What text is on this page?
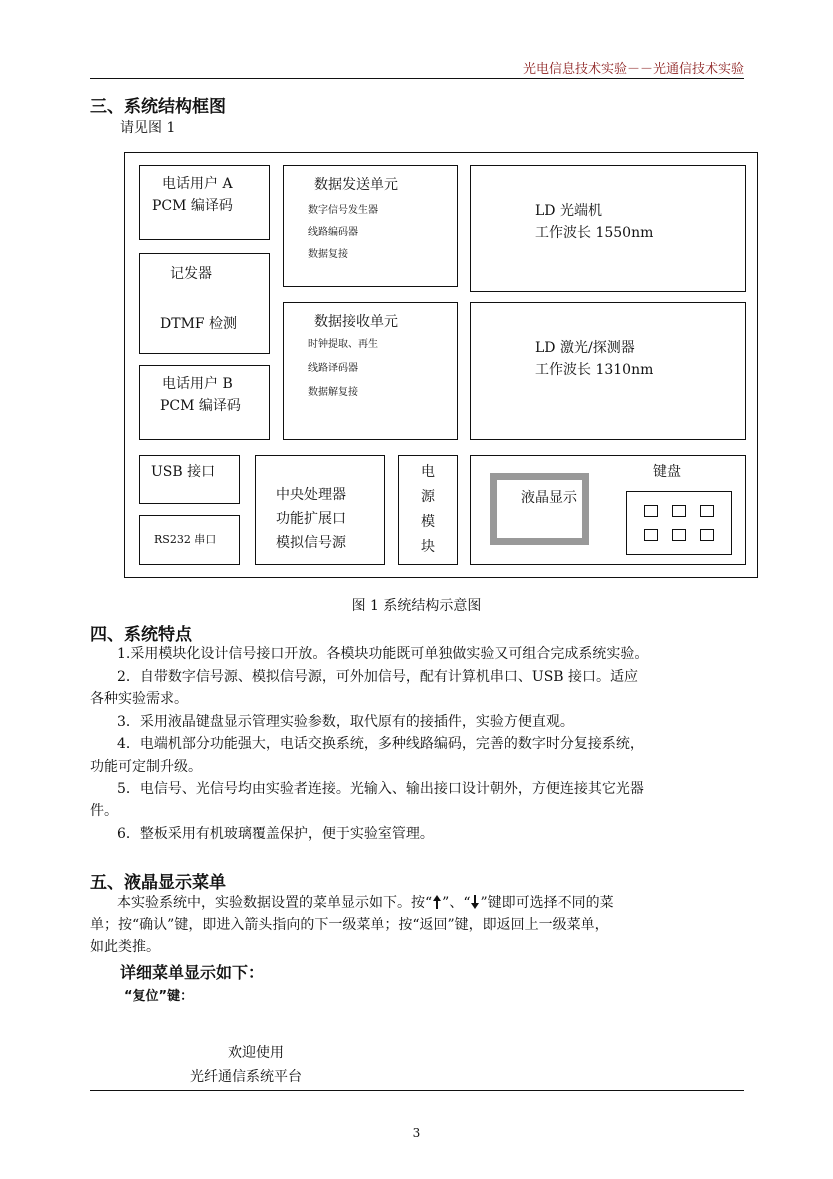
光电信息技术实验－－光通信技术实验
三、系统结构框图
请见图 1
电话用户 A
PCM 编译码
记发器
DTMF 检测
电话用户 B
PCM 编译码
数据发送单元
数字信号发生器
线路编码器
数据复接
数据接收单元
时钟提取、再生
线路译码器
数据解复接
LD 光端机
工作波长 1550nm
LD 激光/探测器
工作波长 1310nm
USB 接口
RS232 串口
中央处理器
功能扩展口
模拟信号源
电
源
模
块
液晶显示
键盘
图 1 系统结构示意图
四、系统特点
1.采用模块化设计信号接口开放。各模块功能既可单独做实验又可组合完成系统实验。
2．自带数字信号源、模拟信号源，可外加信号，配有计算机串口、USB 接口。适应
各种实验需求。
3．采用液晶键盘显示管理实验参数，取代原有的接插件，实验方便直观。
4．电端机部分功能强大，电话交换系统，多种线路编码，完善的数字时分复接系统，
功能可定制升级。
5．电信号、光信号均由实验者连接。光输入、输出接口设计朝外，方便连接其它光器
件。
6．整板采用有机玻璃覆盖保护，便于实验室管理。
五、液晶显示菜单
本实验系统中，实验数据设置的菜单显示如下。按“ ”、“ ”键即可选择不同的菜
单；按“确认”键，即进入箭头指向的下一级菜单；按“返回”键，即返回上一级菜单，
如此类推。
详细菜单显示如下：
“复位”键：
欢迎使用
光纤通信系统平台
3
